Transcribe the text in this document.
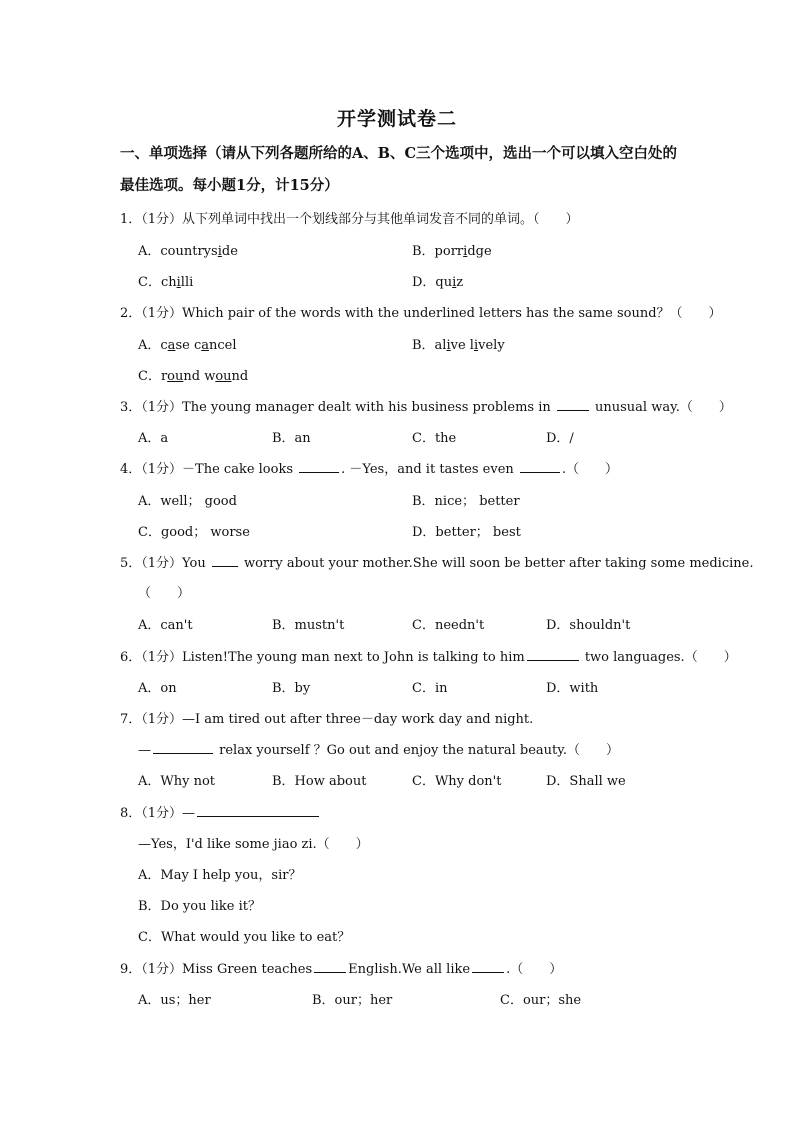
开学测试卷二
一、单项选择（请从下列各题所给的A、B、C三个选项中，选出一个可以填入空白处的最佳选项。每小题1分，计15分）
1．（1分）从下列单词中找出一个划线部分与其他单词发音不同的单词。（　　）
A．countryside	B．porridge
C．chilli	D．quiz
2．（1分）Which pair of the words with the underlined letters has the same sound？（　　）
A．case cancel	B．alive lively
C．round wound
3．（1分）The young manager dealt with his business problems in	unusual way.（　　）
A．a	B．an	C．the	D．/
4．（1分）－The cake looks	. －Yes，and it tastes even	.（　　）
A．well； good	B．nice； better
C．good； worse	D．better； best
5．（1分）You  worry about your mother.She will soon be better after taking some medicine.
（　　）
A．can't	B．mustn't	C．needn't	D．shouldn't
6．（1分）Listen!The young man next to John is talking to him	two languages.（　　）
A．on	B．by	C．in	D．with
7．（1分）—I am tired out after three－day work day and night.
—	relax yourself ？Go out and enjoy the natural beauty.（　　）
A．Why not	B．How about	C．Why don't	D．Shall we
8．（1分）—
—Yes，I'd like some jiao zi.（　　）
A．May I help you，sir？
B．Do you like it？
C．What would you like to eat？
9．（1分）Miss Green teaches	English.We all like	.（　　）
A．us；her	B．our；her	C．our；she
